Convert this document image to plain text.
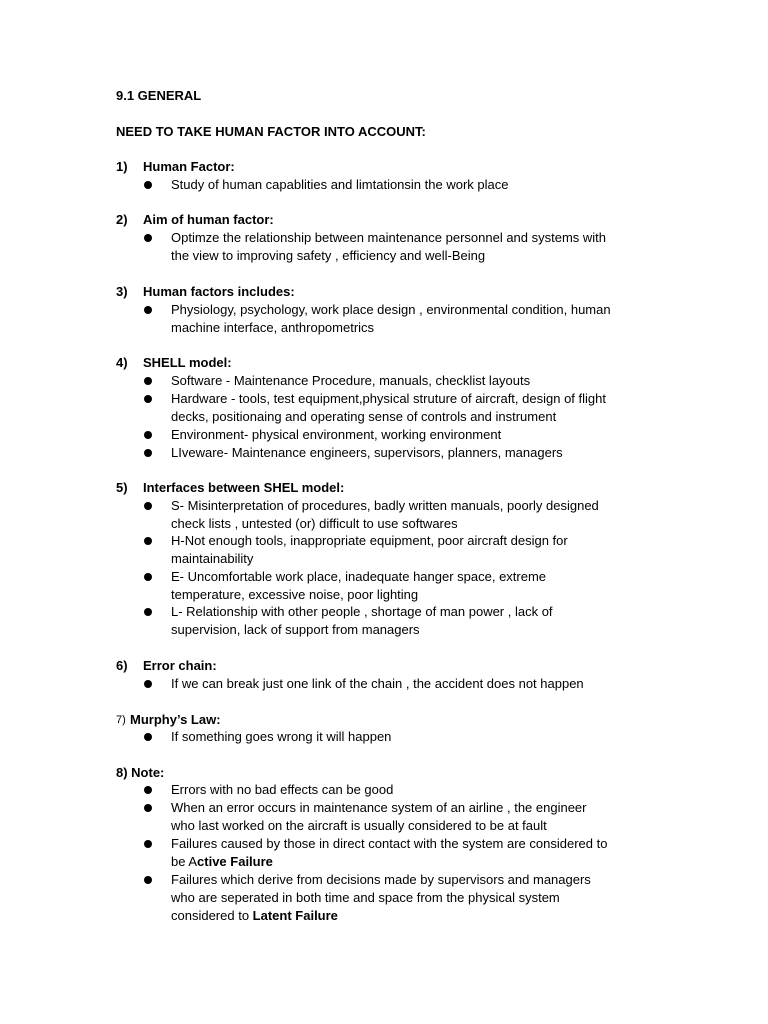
9.1 GENERAL
NEED TO TAKE HUMAN FACTOR INTO ACCOUNT:
1) Human Factor:
Study of human capablities and limtationsin the work place
2) Aim of human factor:
Optimze the relationship between maintenance personnel and systems with
the view to improving safety , efficiency and well-Being
3) Human factors includes:
Physiology, psychology, work place design , environmental condition, human
machine interface, anthropometrics
4) SHELL model:
Software - Maintenance Procedure, manuals, checklist layouts
Hardware - tools, test equipment,physical struture of aircraft, design of flight
decks, positionaing and operating sense of controls and instrument
Environment- physical environment, working environment
LIveware- Maintenance engineers, supervisors, planners, managers
5) Interfaces between SHEL model:
S- Misinterpretation of procedures, badly written manuals, poorly designed
check lists , untested (or) difficult to use softwares
H-Not enough tools, inappropriate equipment, poor aircraft design for
maintainability
E- Uncomfortable work place, inadequate hanger space, extreme
temperature, excessive noise, poor lighting
L- Relationship with other people , shortage of man power , lack of
supervision, lack of support from managers
6) Error chain:
If we can break just one link of the chain , the accident does not happen
7) Murphy’s Law:
If something goes wrong it will happen
8) Note:
Errors with no bad effects can be good
When an error occurs in maintenance system of an airline , the engineer
who last worked on the aircraft is usually considered to be at fault
Failures caused by those in direct contact with the system are considered to
be Active Failure
Failures which derive from decisions made by supervisors and managers
who are seperated in both time and space from the physical system
considered to Latent Failure
